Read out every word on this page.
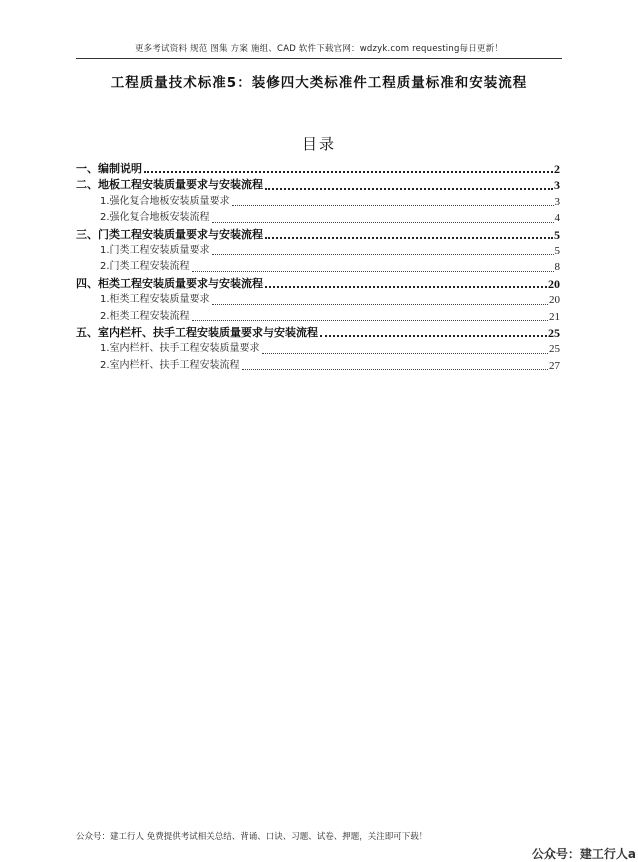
更多考试资料 规范 图集 方案 施组、CAD 软件下载官网：wdzyk.com requesting每日更新！
工程质量技术标准5：装修四大类标准件工程质量标准和安装流程
目录
一、编制说明	2
二、地板工程安装质量要求与安装流程	3
1.强化复合地板安装质量要求	3
2.强化复合地板安装流程	4
三、门类工程安装质量要求与安装流程	5
1.门类工程安装质量要求	5
2.门类工程安装流程	8
四、柜类工程安装质量要求与安装流程	20
1.柜类工程安装质量要求	20
2.柜类工程安装流程	21
五、室内栏杆、扶手工程安装质量要求与安装流程	25
1.室内栏杆、扶手工程安装质量要求	25
2.室内栏杆、扶手工程安装流程	27
公众号：建工行人 免费提供考试相关总结、背诵、口诀、习题、试卷、押题，关注即可下载！
公众号：建工行人a
